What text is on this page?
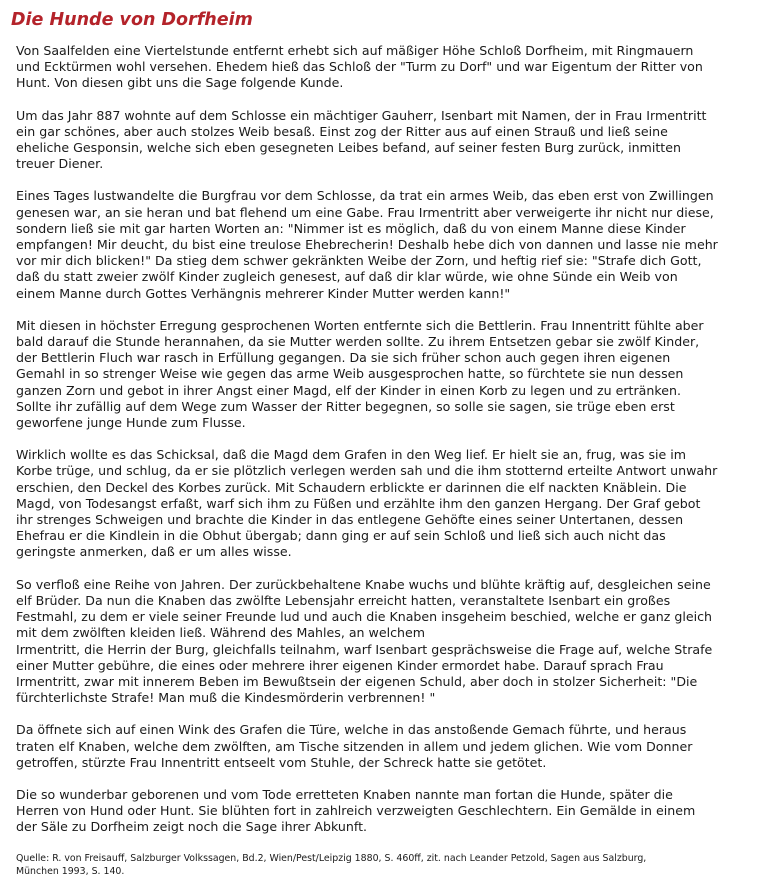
Die Hunde von Dorfheim

Von Saalfelden eine Viertelstunde entfernt erhebt sich auf mäßiger Höhe Schloß Dorfheim, mit Ringmauern
und Ecktürmen wohl versehen. Ehedem hieß das Schloß der "Turm zu Dorf" und war Eigentum der Ritter von
Hunt. Von diesen gibt uns die Sage folgende Kunde.

Um das Jahr 887 wohnte auf dem Schlosse ein mächtiger Gauherr, Isenbart mit Namen, der in Frau Irmentritt
ein gar schönes, aber auch stolzes Weib besaß. Einst zog der Ritter aus auf einen Strauß und ließ seine
eheliche Gesponsin, welche sich eben gesegneten Leibes befand, auf seiner festen Burg zurück, inmitten
treuer Diener.

Eines Tages lustwandelte die Burgfrau vor dem Schlosse, da trat ein armes Weib, das eben erst von Zwillingen
genesen war, an sie heran und bat flehend um eine Gabe. Frau Irmentritt aber verweigerte ihr nicht nur diese,
sondern ließ sie mit gar harten Worten an: "Nimmer ist es möglich, daß du von einem Manne diese Kinder
empfangen! Mir deucht, du bist eine treulose Ehebrecherin! Deshalb hebe dich von dannen und lasse nie mehr
vor mir dich blicken!" Da stieg dem schwer gekränkten Weibe der Zorn, und heftig rief sie: "Strafe dich Gott,
daß du statt zweier zwölf Kinder zugleich genesest, auf daß dir klar würde, wie ohne Sünde ein Weib von
einem Manne durch Gottes Verhängnis mehrerer Kinder Mutter werden kann!"

Mit diesen in höchster Erregung gesprochenen Worten entfernte sich die Bettlerin. Frau Innentritt fühlte aber
bald darauf die Stunde herannahen, da sie Mutter werden sollte. Zu ihrem Entsetzen gebar sie zwölf Kinder,
der Bettlerin Fluch war rasch in Erfüllung gegangen. Da sie sich früher schon auch gegen ihren eigenen
Gemahl in so strenger Weise wie gegen das arme Weib ausgesprochen hatte, so fürchtete sie nun dessen
ganzen Zorn und gebot in ihrer Angst einer Magd, elf der Kinder in einen Korb zu legen und zu ertränken.
Sollte ihr zufällig auf dem Wege zum Wasser der Ritter begegnen, so solle sie sagen, sie trüge eben erst
geworfene junge Hunde zum Flusse.

Wirklich wollte es das Schicksal, daß die Magd dem Grafen in den Weg lief. Er hielt sie an, frug, was sie im
Korbe trüge, und schlug, da er sie plötzlich verlegen werden sah und die ihm stotternd erteilte Antwort unwahr
erschien, den Deckel des Korbes zurück. Mit Schaudern erblickte er darinnen die elf nackten Knäblein. Die
Magd, von Todesangst erfaßt, warf sich ihm zu Füßen und erzählte ihm den ganzen Hergang. Der Graf gebot
ihr strenges Schweigen und brachte die Kinder in das entlegene Gehöfte eines seiner Untertanen, dessen
Ehefrau er die Kindlein in die Obhut übergab; dann ging er auf sein Schloß und ließ sich auch nicht das
geringste anmerken, daß er um alles wisse.

So verfloß eine Reihe von Jahren. Der zurückbehaltene Knabe wuchs und blühte kräftig auf, desgleichen seine
elf Brüder. Da nun die Knaben das zwölfte Lebensjahr erreicht hatten, veranstaltete Isenbart ein großes
Festmahl, zu dem er viele seiner Freunde lud und auch die Knaben insgeheim beschied, welche er ganz gleich
mit dem zwölften kleiden ließ. Während des Mahles, an welchem
Irmentritt, die Herrin der Burg, gleichfalls teilnahm, warf Isenbart gesprächsweise die Frage auf, welche Strafe
einer Mutter gebühre, die eines oder mehrere ihrer eigenen Kinder ermordet habe. Darauf sprach Frau
Irmentritt, zwar mit innerem Beben im Bewußtsein der eigenen Schuld, aber doch in stolzer Sicherheit: "Die
fürchterlichste Strafe! Man muß die Kindesmörderin verbrennen! "

Da öffnete sich auf einen Wink des Grafen die Türe, welche in das anstoßende Gemach führte, und heraus
traten elf Knaben, welche dem zwölften, am Tische sitzenden in allem und jedem glichen. Wie vom Donner
getroffen, stürzte Frau Innentritt entseelt vom Stuhle, der Schreck hatte sie getötet.

Die so wunderbar geborenen und vom Tode erretteten Knaben nannte man fortan die Hunde, später die
Herren von Hund oder Hunt. Sie blühten fort in zahlreich verzweigten Geschlechtern. Ein Gemälde in einem
der Säle zu Dorfheim zeigt noch die Sage ihrer Abkunft.

Quelle: R. von Freisauff, Salzburger Volkssagen, Bd.2, Wien/Pest/Leipzig 1880, S. 460ff, zit. nach Leander Petzold, Sagen aus Salzburg,
München 1993, S. 140.
